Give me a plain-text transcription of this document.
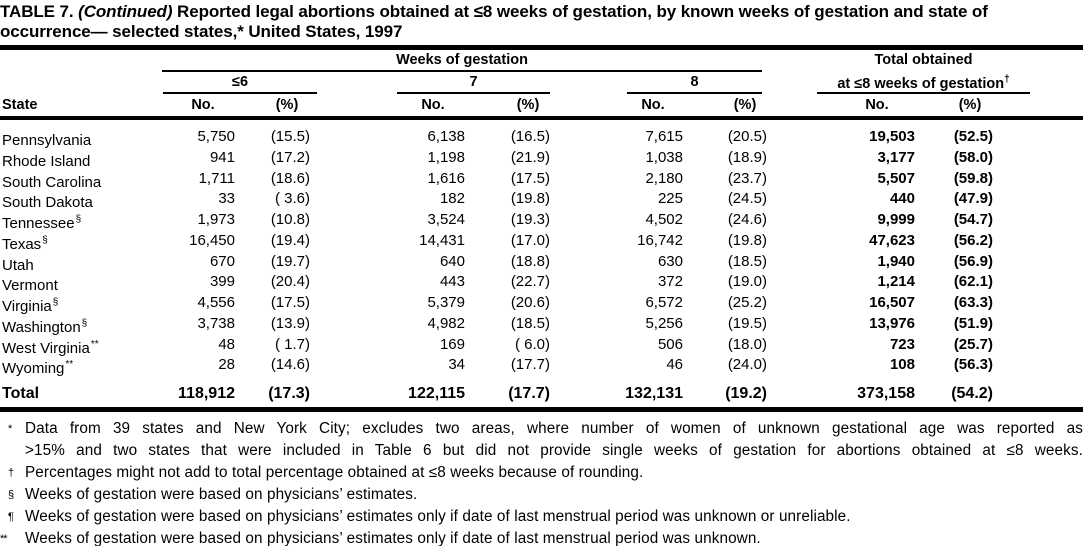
TABLE 7. (Continued) Reported legal abortions obtained at ≤8 weeks of gestation, by known weeks of gestation and state of
occurrence— selected states,* United States, 1997
Weeks of gestation	Total obtained
≤6	7	8	at ≤8 weeks of gestation†
State	No.	(%)	No.	(%)	No.	(%)	No.	(%)
Pennsylvania	5,750	(15.5)	6,138	(16.5)	7,615	(20.5)	19,503	(52.5)
Rhode Island	941	(17.2)	1,198	(21.9)	1,038	(18.9)	3,177	(58.0)
South Carolina	1,711	(18.6)	1,616	(17.5)	2,180	(23.7)	5,507	(59.8)
South Dakota	33	( 3.6)	182	(19.8)	225	(24.5)	440	(47.9)
Tennessee§	1,973	(10.8)	3,524	(19.3)	4,502	(24.6)	9,999	(54.7)
Texas§	16,450	(19.4)	14,431	(17.0)	16,742	(19.8)	47,623	(56.2)
Utah	670	(19.7)	640	(18.8)	630	(18.5)	1,940	(56.9)
Vermont	399	(20.4)	443	(22.7)	372	(19.0)	1,214	(62.1)
Virginia§	4,556	(17.5)	5,379	(20.6)	6,572	(25.2)	16,507	(63.3)
Washington§	3,738	(13.9)	4,982	(18.5)	5,256	(19.5)	13,976	(51.9)
West Virginia**	48	( 1.7)	169	( 6.0)	506	(18.0)	723	(25.7)
Wyoming**	28	(14.6)	34	(17.7)	46	(24.0)	108	(56.3)
Total	118,912	(17.3)	122,115	(17.7)	132,131	(19.2)	373,158	(54.2)
* Data from 39 states and New York City; excludes two areas, where number of women of unknown gestational age was reported as
>15% and two states that were included in Table 6 but did not provide single weeks of gestation for abortions obtained at ≤8 weeks.
† Percentages might not add to total percentage obtained at ≤8 weeks because of rounding.
§ Weeks of gestation were based on physicians’ estimates.
¶ Weeks of gestation were based on physicians’ estimates only if date of last menstrual period was unknown or unreliable.
** Weeks of gestation were based on physicians’ estimates only if date of last menstrual period was unknown.
